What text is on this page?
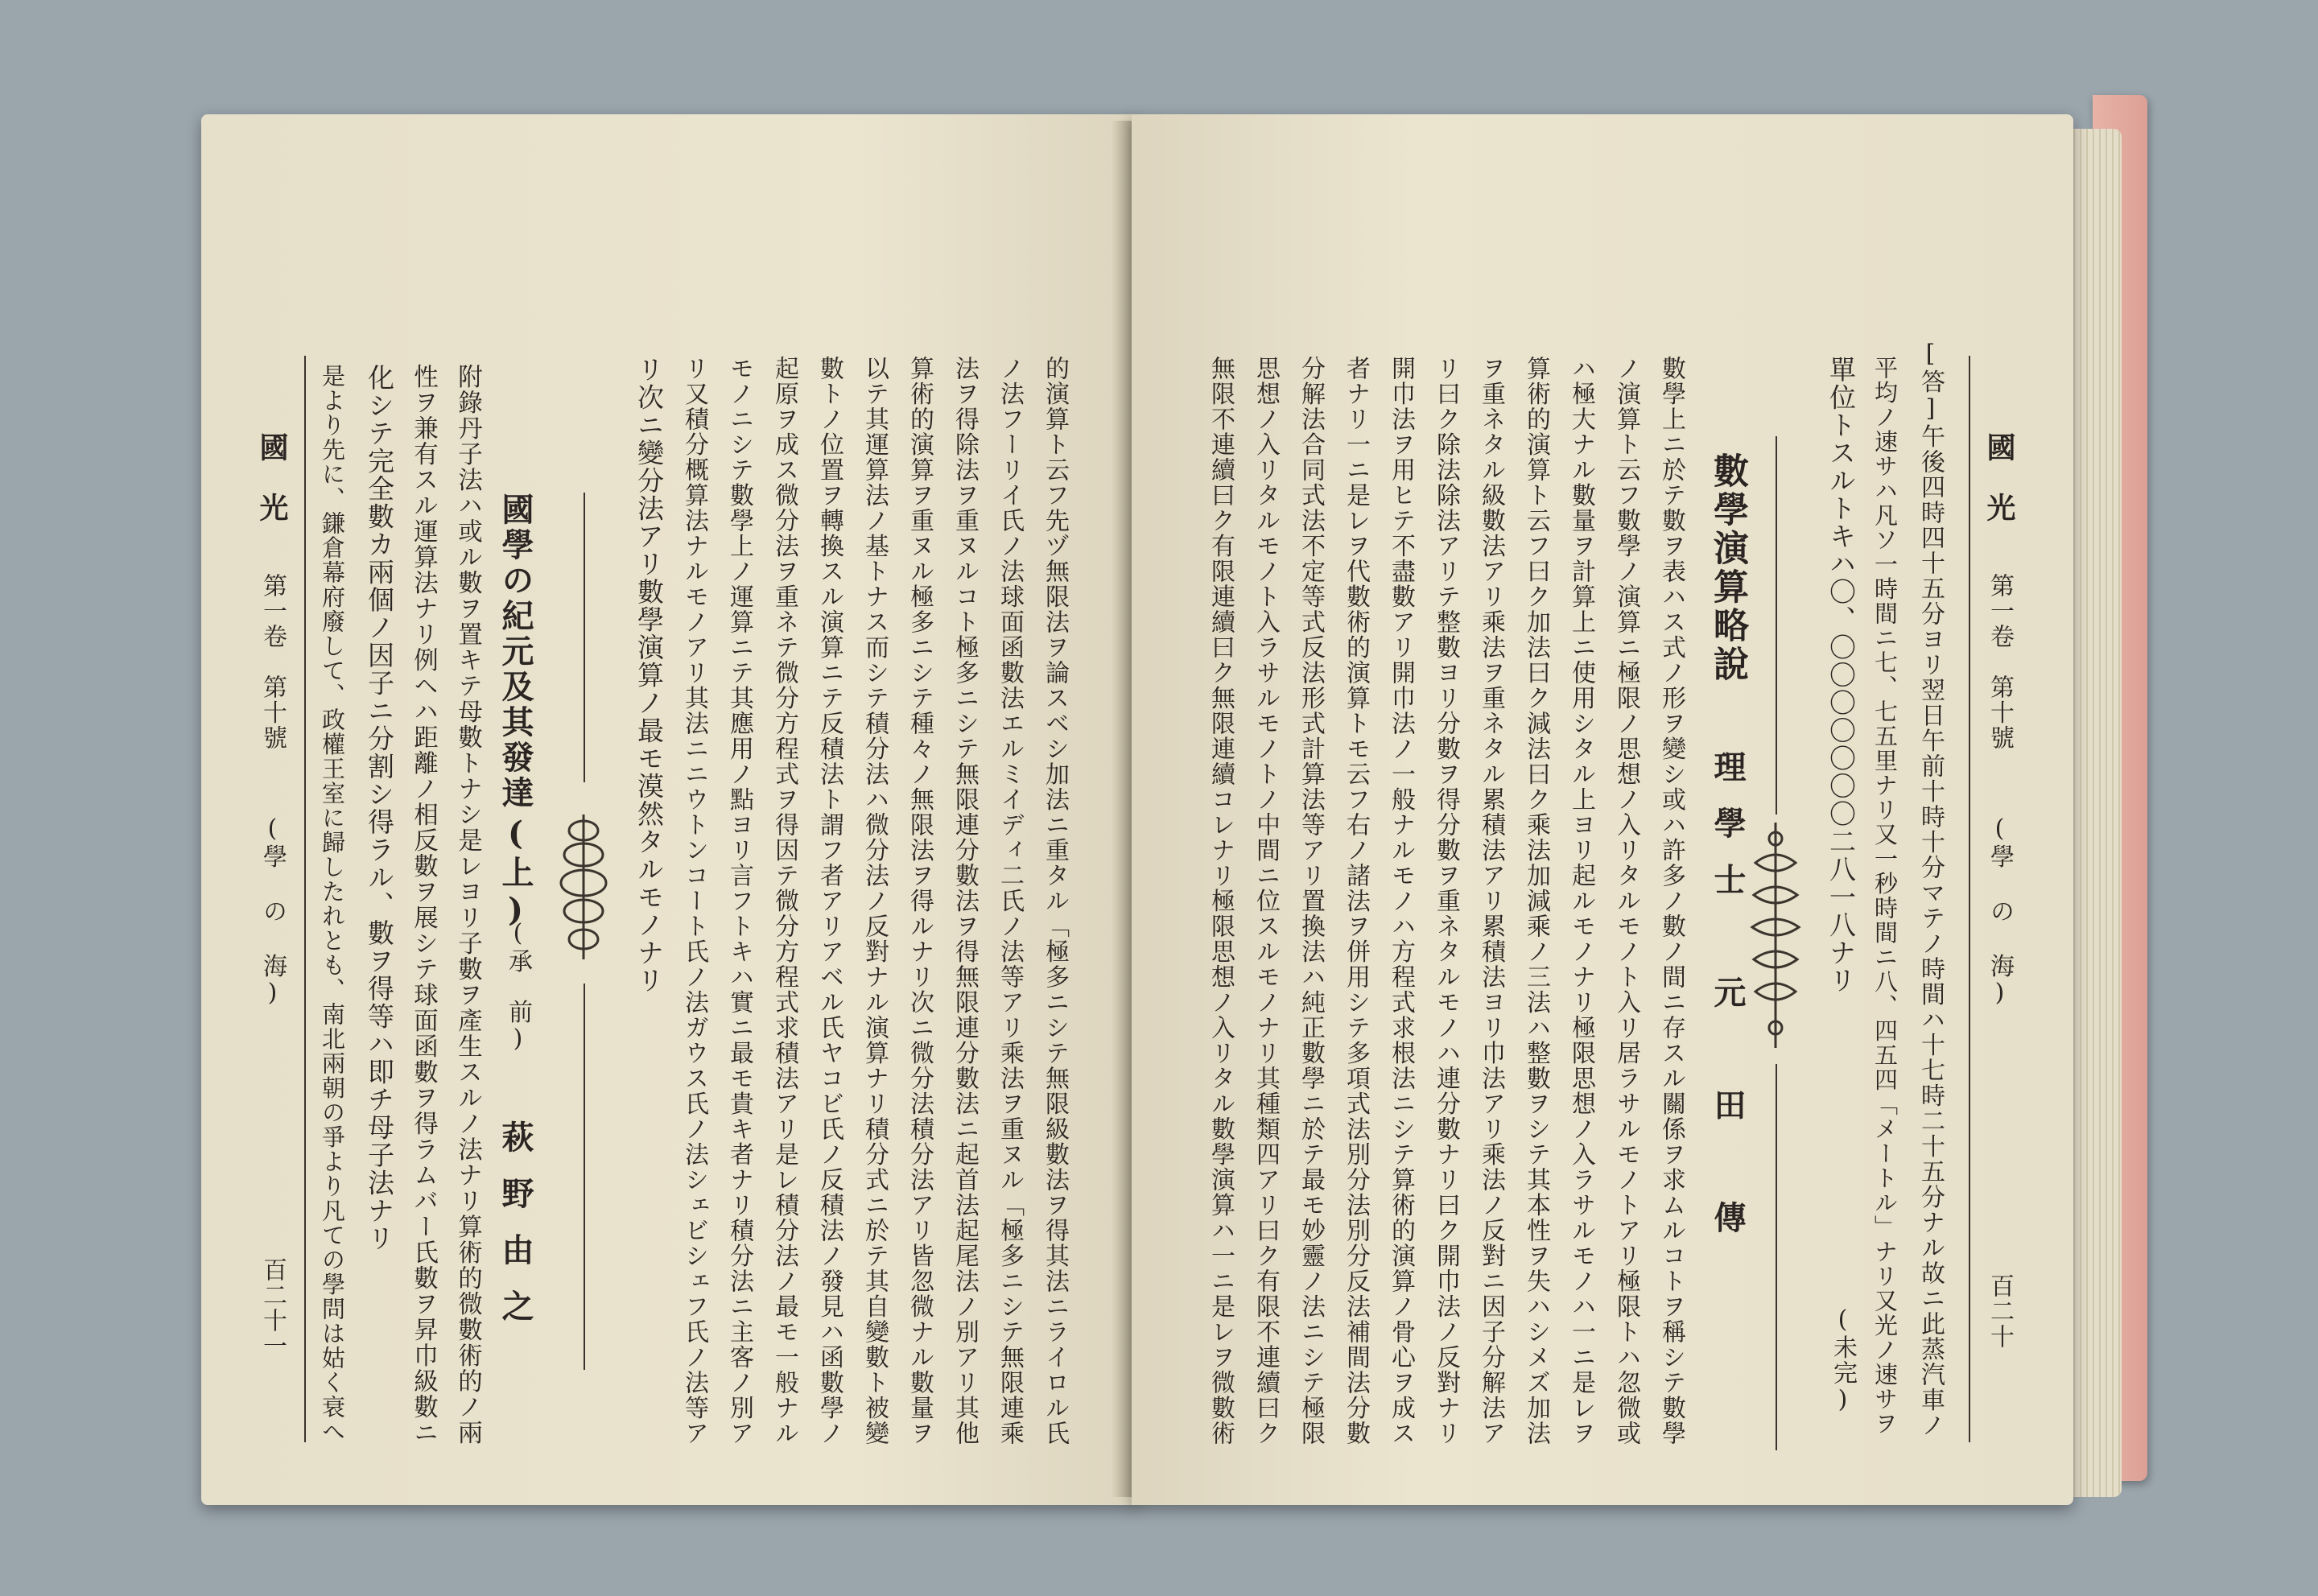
國　光
第一卷　第十號
(學 の 海)
百二十一 是より先に、鎌倉幕府廢して、政權王室に歸したれとも、南北兩朝の爭より凡ての學問は姑く衰へ 化シテ完全數カ兩個ノ因子ニ分割シ得ラル、數ヲ得等ハ即チ母子法ナリ 性ヲ兼有スル運算法ナリ例ヘハ距離ノ相反數ヲ展シテ球面函數ヲ得ラムバー氏數ヲ昇巾級數ニ 附錄丹子法ハ或ル數ヲ置キテ母數トナシ是レヨリ子數ヲ產生スルノ法ナリ算術的微數術的ノ兩 國學の紀元及其發達
(上)
(承　前)
萩野由之
リ次ニ變分法アリ數學演算ノ最モ漠然タルモノナリ リ又積分概算法ナルモノアリ其法ニニウトンコート氏ノ法ガウス氏ノ法シェビシェフ氏ノ法等ア モノニシテ數學上ノ運算ニテ其應用ノ點ヨリ言フトキハ實ニ最モ貴キ者ナリ積分法ニ主客ノ別ア 起原ヲ成ス微分法ヲ重ネテ微分方程式ヲ得因テ微分方程式求積法アリ是レ積分法ノ最モ一般ナル 數トノ位置ヲ轉換スル演算ニテ反積法ト謂フ者アリアベル氏ヤコビ氏ノ反積法ノ發見ハ函數學ノ 以テ其運算法ノ基トナス而シテ積分法ハ微分法ノ反對ナル演算ナリ積分式ニ於テ其自變數ト被變 算術的演算ヲ重ヌル極多ニシテ種々ノ無限法ヲ得ルナリ次ニ微分法積分法アリ皆忽微ナル數量ヲ 法ヲ得除法ヲ重ヌルコト極多ニシテ無限連分數法ヲ得無限連分數法ニ起首法起尾法ノ別アリ其他 ノ法フーリイ氏ノ法球面函數法エルミイディ二氏ノ法等アリ乘法ヲ重ヌル「極多ニシテ無限連乘 的演算ト云フ先ヅ無限法ヲ論スベシ加法ニ重タル「極多ニシテ無限級數法ヲ得其法ニライロル氏	無限不連續曰ク有限連續曰ク無限連續コレナリ極限思想ノ入リタル數學演算ハ一ニ是レヲ微數術 思想ノ入リタルモノト入ラサルモノトノ中間ニ位スルモノナリ其種類四アリ曰ク有限不連續曰ク 分解法合同式法不定等式反法形式計算法等アリ置換法ハ純正數學ニ於テ最モ妙靈ノ法ニシテ極限 者ナリ一ニ是レヲ代數術的演算トモ云フ右ノ諸法ヲ併用シテ多項式法別分法別分反法補間法分數 開巾法ヲ用ヒテ不盡數アリ開巾法ノ一般ナルモノハ方程式求根法ニシテ算術的演算ノ骨心ヲ成ス リ曰ク除法除法アリテ整數ヨリ分數ヲ得分數ヲ重ネタルモノハ連分數ナリ曰ク開巾法ノ反對ナリ ヲ重ネタル級數法アリ乘法ヲ重ネタル累積法アリ累積法ヨリ巾法アリ乘法ノ反對ニ因子分解法ア 算術的演算ト云フ曰ク加法曰ク減法曰ク乘法加減乘ノ三法ハ整數ヲシテ其本性ヲ失ハシメズ加法 ハ極大ナル數量ヲ計算上ニ使用シタル上ヨリ起ルモノナリ極限思想ノ入ラサルモノハ一ニ是レヲ ノ演算ト云フ數學ノ演算ニ極限ノ思想ノ入リタルモノト入リ居ラサルモノトアリ極限トハ忽微或 數學上ニ於テ數ヲ表ハス式ノ形ヲ變シ或ハ許多ノ數ノ間ニ存スル關係ヲ求ムルコトヲ稱シテ數學 理學士　元　田　傳
數學演算略說	單位トスルトキハ〇、〇〇〇〇〇〇〇二八一八ナリ
(未完) 平均ノ速サハ凡ソ一時間ニ七、七五里ナリ又一秒時間ニ八、四五四「メートル」ナリ又光ノ速サヲ [答]午後四時四十五分ヨリ翌日午前十時十分マテノ時間ハ十七時二十五分ナル故ニ此蒸汽車ノ 國　光
第一卷　第十號
(學 の 海)
百二十
